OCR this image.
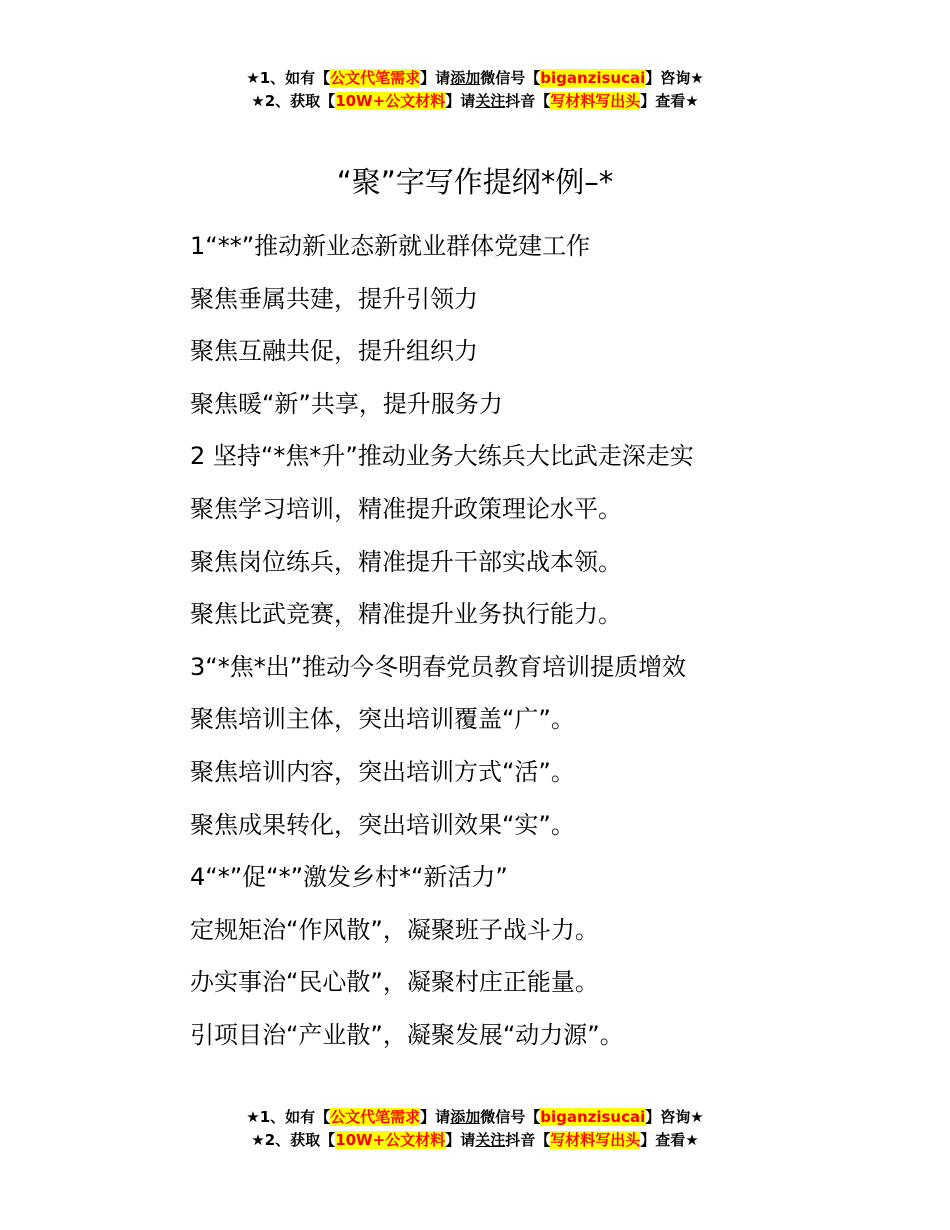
★1、如有【公文代笔需求】请添加微信号【biganzisucai】咨询★
★2、获取【10W+公文材料】请关注抖音【写材料写出头】查看★
“聚”字写作提纲*例–*
1“**”推动新业态新就业群体党建工作
聚焦垂属共建，提升引领力
聚焦互融共促，提升组织力
聚焦暖“新”共享，提升服务力
2 坚持“*焦*升”推动业务大练兵大比武走深走实
聚焦学习培训，精准提升政策理论水平。
聚焦岗位练兵，精准提升干部实战本领。
聚焦比武竞赛，精准提升业务执行能力。
3“*焦*出”推动今冬明春党员教育培训提质增效
聚焦培训主体，突出培训覆盖“广”。
聚焦培训内容，突出培训方式“活”。
聚焦成果转化，突出培训效果“实”。
4“*”促“*”激发乡村*“新活力”
定规矩治“作风散”，凝聚班子战斗力。
办实事治“民心散”，凝聚村庄正能量。
引项目治“产业散”，凝聚发展“动力源”。
★1、如有【公文代笔需求】请添加微信号【biganzisucai】咨询★
★2、获取【10W+公文材料】请关注抖音【写材料写出头】查看★
